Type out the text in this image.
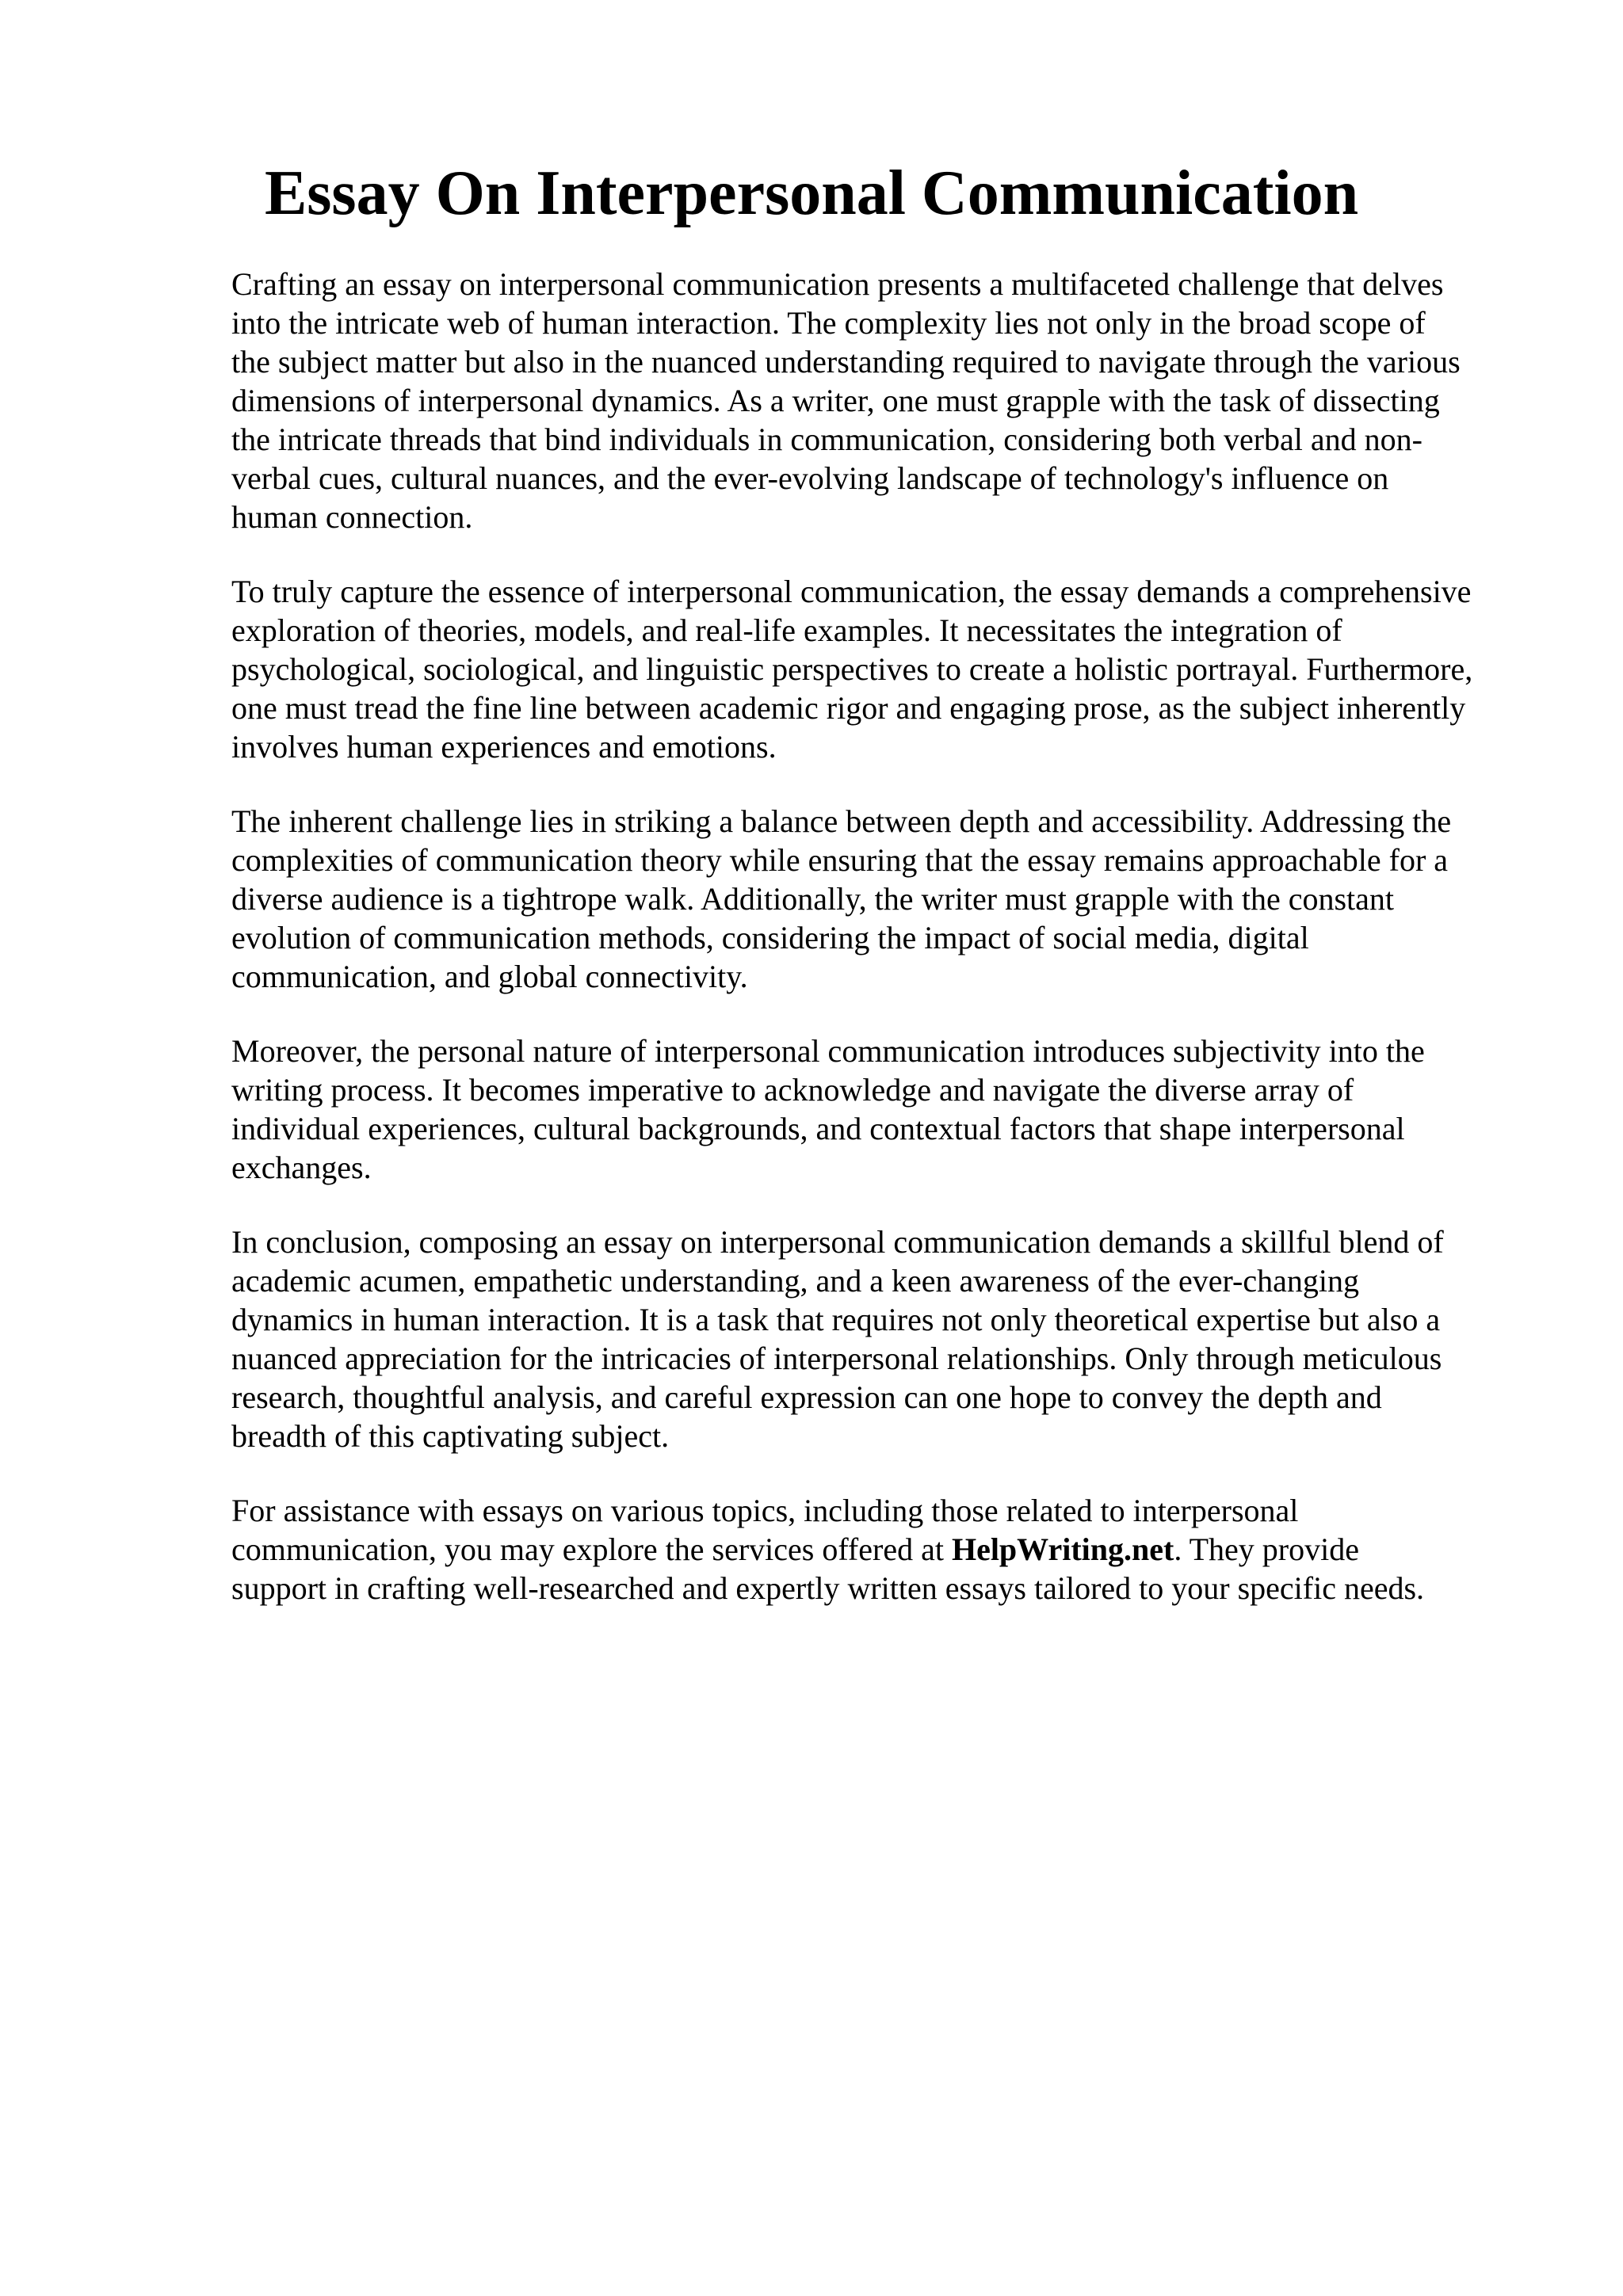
Essay On Interpersonal Communication

Crafting an essay on interpersonal communication presents a multifaceted challenge that delves
into the intricate web of human interaction. The complexity lies not only in the broad scope of
the subject matter but also in the nuanced understanding required to navigate through the various
dimensions of interpersonal dynamics. As a writer, one must grapple with the task of dissecting
the intricate threads that bind individuals in communication, considering both verbal and non-
verbal cues, cultural nuances, and the ever-evolving landscape of technology's influence on
human connection.

To truly capture the essence of interpersonal communication, the essay demands a comprehensive
exploration of theories, models, and real-life examples. It necessitates the integration of
psychological, sociological, and linguistic perspectives to create a holistic portrayal. Furthermore,
one must tread the fine line between academic rigor and engaging prose, as the subject inherently
involves human experiences and emotions.

The inherent challenge lies in striking a balance between depth and accessibility. Addressing the
complexities of communication theory while ensuring that the essay remains approachable for a
diverse audience is a tightrope walk. Additionally, the writer must grapple with the constant
evolution of communication methods, considering the impact of social media, digital
communication, and global connectivity.

Moreover, the personal nature of interpersonal communication introduces subjectivity into the
writing process. It becomes imperative to acknowledge and navigate the diverse array of
individual experiences, cultural backgrounds, and contextual factors that shape interpersonal
exchanges.

In conclusion, composing an essay on interpersonal communication demands a skillful blend of
academic acumen, empathetic understanding, and a keen awareness of the ever-changing
dynamics in human interaction. It is a task that requires not only theoretical expertise but also a
nuanced appreciation for the intricacies of interpersonal relationships. Only through meticulous
research, thoughtful analysis, and careful expression can one hope to convey the depth and
breadth of this captivating subject.

For assistance with essays on various topics, including those related to interpersonal
communication, you may explore the services offered at HelpWriting.net. They provide
support in crafting well-researched and expertly written essays tailored to your specific needs.
